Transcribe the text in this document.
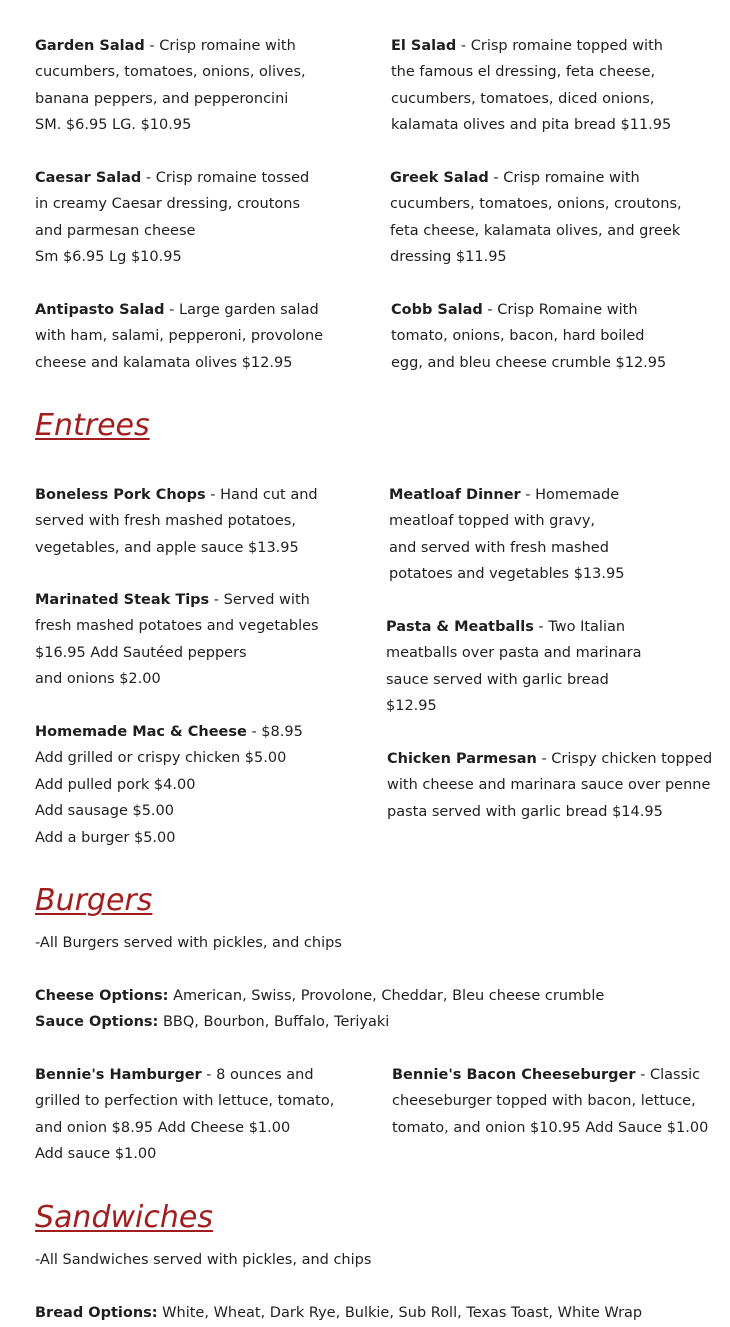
Garden Salad - Crisp romaine with
cucumbers, tomatoes, onions, olives,
banana peppers, and pepperoncini
SM. $6.95 LG. $10.95
El Salad - Crisp romaine topped with
the famous el dressing, feta cheese,
cucumbers, tomatoes, diced onions,
kalamata olives and pita bread $11.95
Caesar Salad - Crisp romaine tossed
in creamy Caesar dressing, croutons
and parmesan cheese
Sm $6.95 Lg $10.95
Greek Salad - Crisp romaine with
cucumbers, tomatoes, onions, croutons,
feta cheese, kalamata olives, and greek
dressing $11.95
Antipasto Salad - Large garden salad
with ham, salami, pepperoni, provolone
cheese and kalamata olives $12.95
Cobb Salad - Crisp Romaine with
tomato, onions, bacon, hard boiled
egg, and bleu cheese crumble $12.95
Entrees
Boneless Pork Chops - Hand cut and
served with fresh mashed potatoes,
vegetables, and apple sauce $13.95
Meatloaf Dinner - Homemade
meatloaf topped with gravy,
and served with fresh mashed
potatoes and vegetables $13.95
Marinated Steak Tips - Served with
fresh mashed potatoes and vegetables
$16.95 Add Sautéed peppers
and onions $2.00
Pasta & Meatballs - Two Italian
meatballs over pasta and marinara
sauce served with garlic bread
$12.95
Homemade Mac & Cheese - $8.95
Add grilled or crispy chicken $5.00
Add pulled pork $4.00
Add sausage $5.00
Add a burger $5.00
Chicken Parmesan - Crispy chicken topped
with cheese and marinara sauce over penne
pasta served with garlic bread $14.95
Burgers
-All Burgers served with pickles, and chips
Cheese Options: American, Swiss, Provolone, Cheddar, Bleu cheese crumble
Sauce Options: BBQ, Bourbon, Buffalo, Teriyaki
Bennie's Hamburger - 8 ounces and
grilled to perfection with lettuce, tomato,
and onion $8.95 Add Cheese $1.00
Add sauce $1.00
Bennie's Bacon Cheeseburger - Classic
cheeseburger topped with bacon, lettuce,
tomato, and onion $10.95 Add Sauce $1.00
Sandwiches
-All Sandwiches served with pickles, and chips
Bread Options: White, Wheat, Dark Rye, Bulkie, Sub Roll, Texas Toast, White Wrap
